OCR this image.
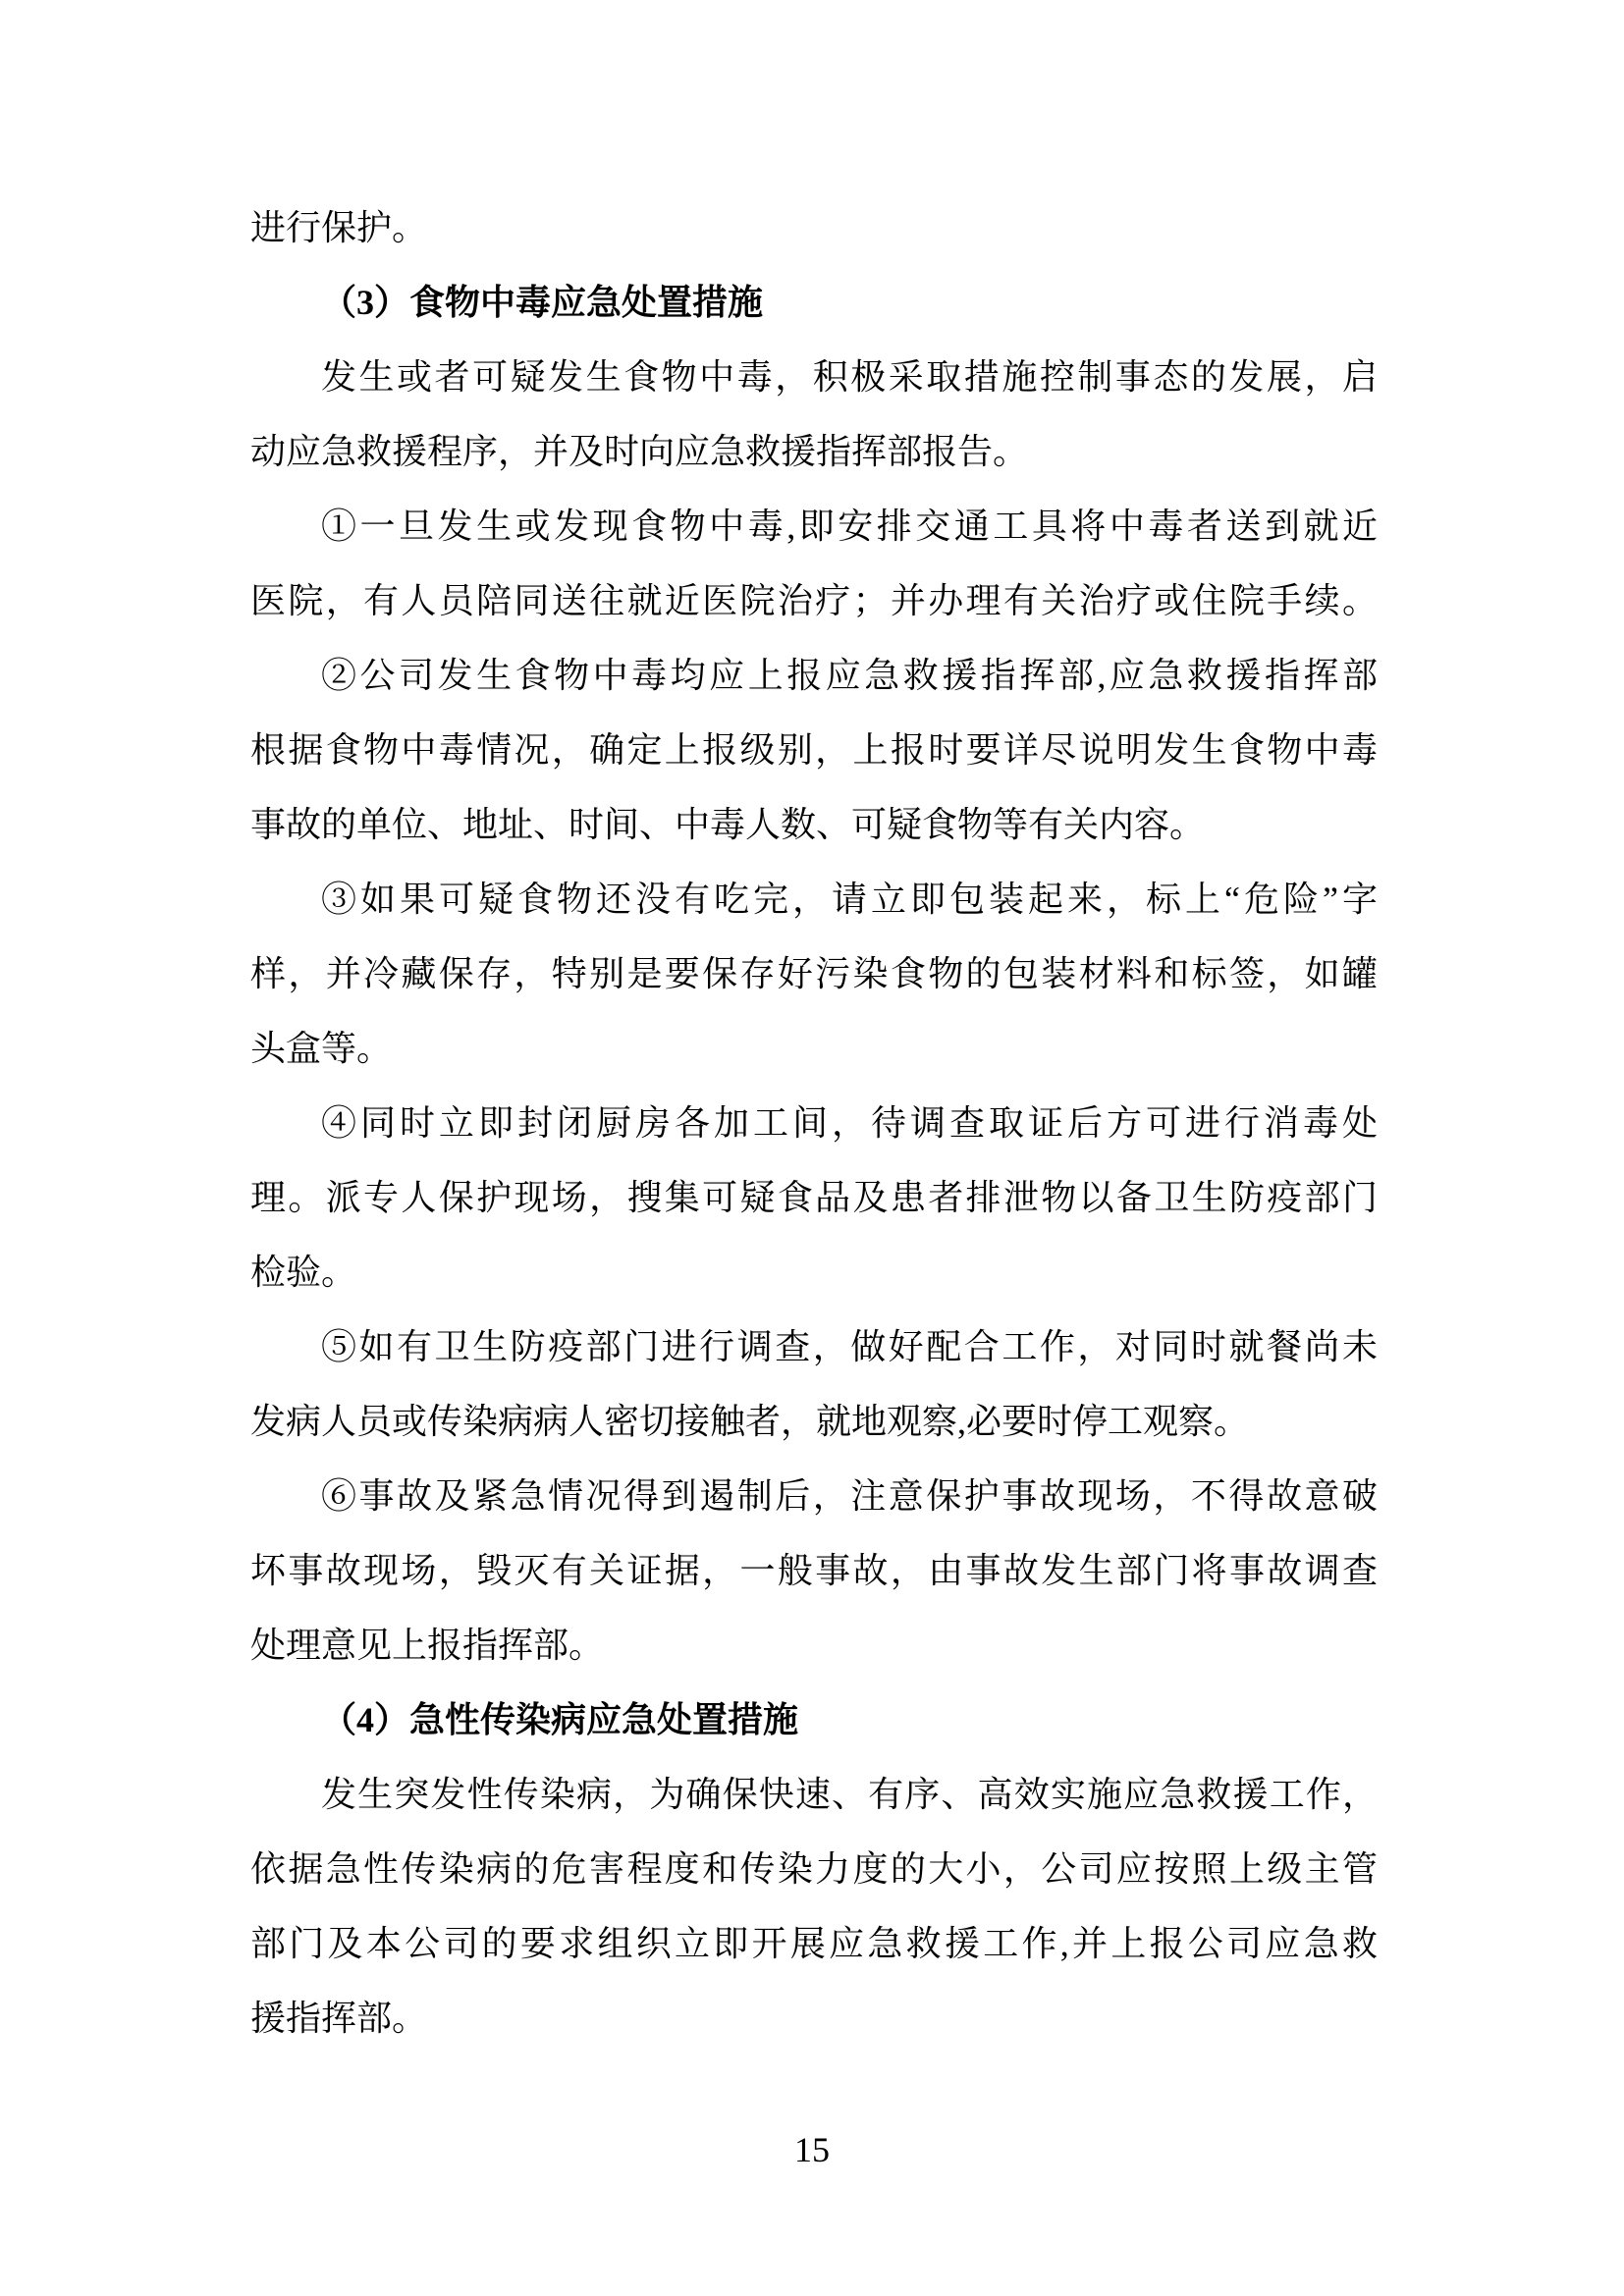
进行保护。
（3）食物中毒应急处置措施
发生或者可疑发生食物中毒，积极采取措施控制事态的发展，启
动应急救援程序，并及时向应急救援指挥部报告。
①一旦发生或发现食物中毒,即安排交通工具将中毒者送到就近
医院，有人员陪同送往就近医院治疗；并办理有关治疗或住院手续。
②公司发生食物中毒均应上报应急救援指挥部,应急救援指挥部
根据食物中毒情况，确定上报级别，上报时要详尽说明发生食物中毒
事故的单位、地址、时间、中毒人数、可疑食物等有关内容。
③如果可疑食物还没有吃完，请立即包装起来，标上“危险”字
样，并冷藏保存，特别是要保存好污染食物的包装材料和标签，如罐
头盒等。
④同时立即封闭厨房各加工间，待调查取证后方可进行消毒处
理。派专人保护现场，搜集可疑食品及患者排泄物以备卫生防疫部门
检验。
⑤如有卫生防疫部门进行调查，做好配合工作，对同时就餐尚未
发病人员或传染病病人密切接触者，就地观察,必要时停工观察。
⑥事故及紧急情况得到遏制后，注意保护事故现场，不得故意破
坏事故现场，毁灭有关证据，一般事故，由事故发生部门将事故调查
处理意见上报指挥部。
（4）急性传染病应急处置措施
发生突发性传染病，为确保快速、有序、高效实施应急救援工作，
依据急性传染病的危害程度和传染力度的大小，公司应按照上级主管
部门及本公司的要求组织立即开展应急救援工作,并上报公司应急救
援指挥部。
15
